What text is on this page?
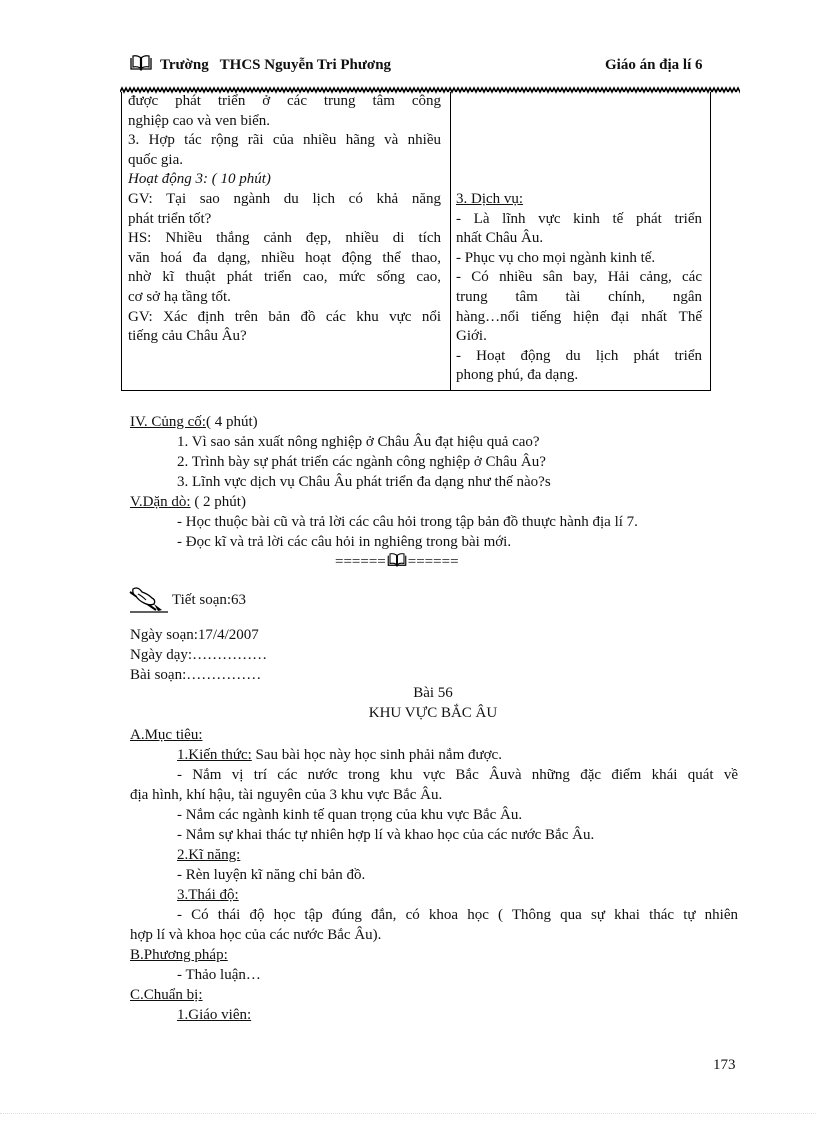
Trường   THCS Nguyễn Tri Phương	Giáo án địa lí 6
được phát triển ở các trung tâm công
nghiệp cao và ven biển.
3. Hợp tác rộng rãi của nhiều hãng và nhiều
quốc gia.
Hoạt động 3: ( 10 phút)
GV: Tại sao ngành du lịch có khả năng
phát triển tốt?
HS: Nhiều thắng cảnh đẹp, nhiều di tích
văn hoá đa dạng, nhiều hoạt động thể thao,
nhờ kĩ thuật phát triển cao, mức sống cao,
cơ sở hạ tầng tốt.
GV: Xác định trên bản đồ các khu vực nổi
tiếng cảu Châu Âu?
3. Dịch vụ:
- Là lĩnh vực kinh tế phát triển
nhất Châu Âu.
- Phục vụ cho mọi ngành kinh tế.
- Có nhiều sân bay, Hải cảng, các
trung tâm tài chính, ngân
hàng…nổi tiếng hiện đại nhất Thế
Giới.
- Hoạt động du lịch phát triển
phong phú, đa dạng.
IV. Củng cố:( 4 phút)
1. Vì sao sản xuất nông nghiệp ở Châu Âu đạt hiệu quả cao?
2. Trình bày sự phát triển các ngành công nghiệp ở Châu Âu?
3. Lĩnh vực dịch vụ Châu Âu phát triển đa dạng như thế nào?s
V.Dặn dò: ( 2 phút)
- Học thuộc bài cũ và trả lời các câu hỏi trong tập bản đồ thuực hành địa lí 7.
- Đọc kĩ và trả lời các câu hỏi in nghiêng trong bài mới.
====== ======
Tiết soạn:63
Ngày soạn:17/4/2007
Ngày dạy:……………
Bài soạn:……………
Bài 56
KHU VỰC BẮC ÂU
A.Mục tiêu:
1.Kiến thức: Sau bài học này học sinh phải nắm được.
- Nắm vị trí các nước trong khu vực Bắc Âuvà những đặc điểm khái quát về
địa hình, khí hậu, tài nguyên của 3 khu vực Bắc Âu.
- Nắm các ngành kinh tế quan trọng của khu vực Bắc Âu.
- Nắm sự khai thác tự nhiên hợp lí và khao học của các nước Bắc Âu.
2.Kĩ năng:
- Rèn luyện kĩ năng chỉ bản đồ.
3.Thái độ:
- Có thái độ học tập đúng đắn, có khoa học ( Thông qua sự khai thác tự nhiên
hợp lí và khoa học của các nước Bắc Âu).
B.Phương pháp:
- Thảo luận…
C.Chuẩn bị:
1.Giáo viên:
173
